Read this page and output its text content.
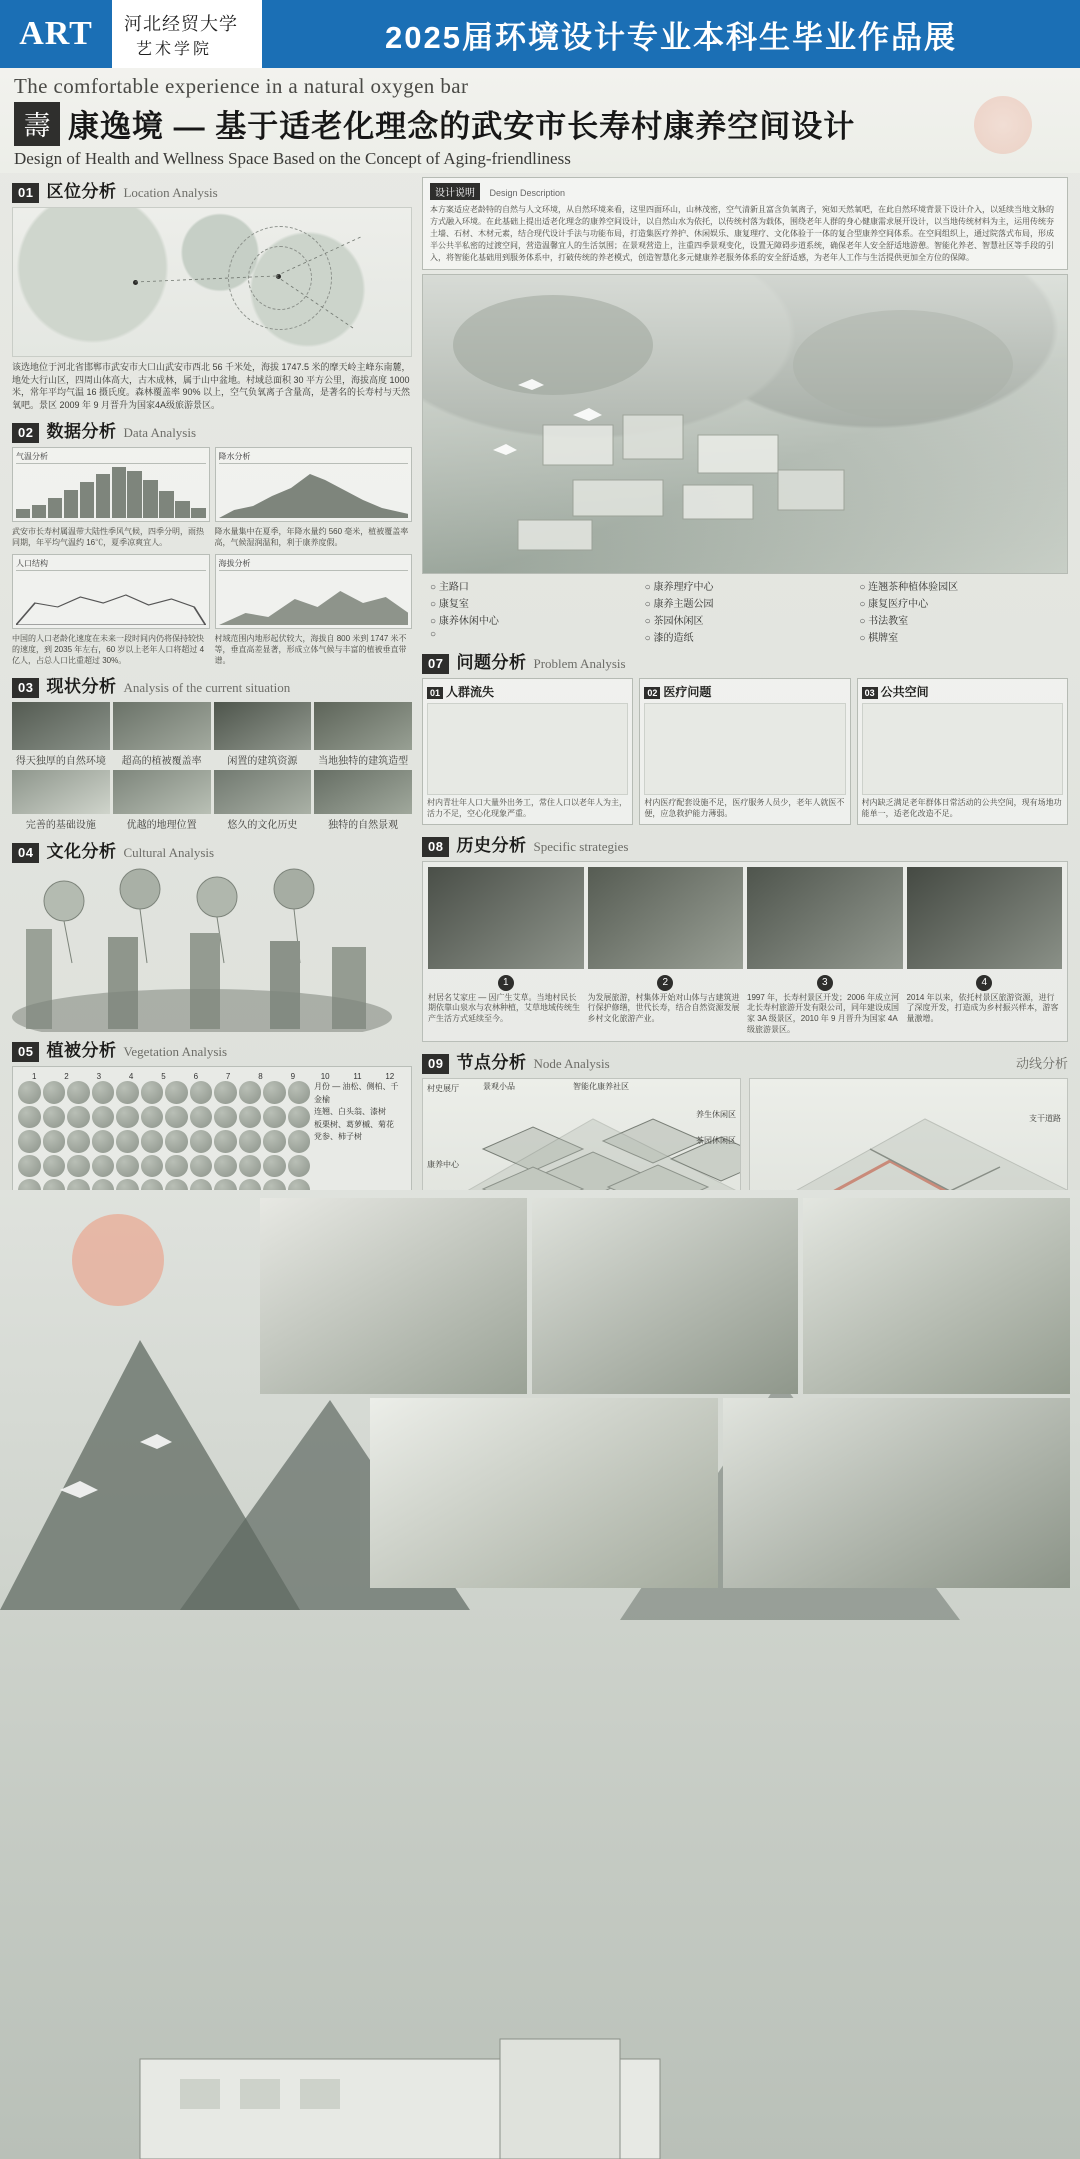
ART	河北经贸大学
艺术学院	2025届环境设计专业本科生毕业作品展
The comfortable experience in a natural oxygen bar
壽 康逸境 — 基于适老化理念的武安市长寿村康养空间设计
Design of Health and Wellness Space Based on the Concept of Aging-friendliness
01 区位分析 Location Analysis
该选地位于河北省邯郸市武安市大口山武安市西北 56 千米处，海拔 1747.5 米的摩天岭主峰东南麓，地处大行山区，四周山体高大，古木成林，属于山中盆地。村域总面积 30 平方公里，海拔高度 1000 米，常年平均气温 16 摄氏度。森林覆盖率 90% 以上，空气负氧离子含量高，是著名的长寿村与天然氧吧。景区 2009 年 9 月晋升为国家4A级旅游景区。
02 数据分析 Data Analysis
气温分析	降水分析
武安市长寿村属温带大陆性季风气候，四季分明，雨热同期，年平均气温约 16℃，夏季凉爽宜人。
降水量集中在夏季，年降水量约 560 毫米，植被覆盖率高，气候湿润温和，利于康养度假。
人口结构	海拔分析
中国的人口老龄化速度在未来一段时间内仍将保持较快的速度，到 2035 年左右，60 岁以上老年人口将超过 4 亿人，占总人口比重超过 30%。
村域范围内地形起伏较大，海拔自 800 米到 1747 米不等，垂直高差显著，形成立体气候与丰富的植被垂直带谱。
03 现状分析 Analysis of the current situation
得天独厚的自然环境	超高的植被覆盖率	闲置的建筑资源	当地独特的建筑造型
完善的基础设施	优越的地理位置	悠久的文化历史	独特的自然景观
04 文化分析 Cultural Analysis
05 植被分析 Vegetation Analysis
1	2	3	4	5	6	7	8	9	10	11	12
月份 — 油松、侧柏、千金榆
连翘、白头翁、漆树
板栗树、葛萝槭、菊花
党参、柿子树
设计说明 Design Description
本方案适应老龄特的自然与人文环境，从自然环境来看，这里四面环山，山林茂密，空气清新且富含负氧离子，宛如天然氧吧，在此自然环境背景下设计介入，以延续当地文脉的方式融入环境。在此基础上提出适老化理念的康养空间设计，以自然山水为依托，以传统村落为载体，围绕老年人群的身心健康需求展开设计，以当地传统材料为主，运用传统夯土墙、石材、木材元素，结合现代设计手法与功能布局，打造集医疗养护、休闲娱乐、康复理疗、文化体验于一体的复合型康养空间体系。在空间组织上，通过院落式布局，形成半公共半私密的过渡空间，营造温馨宜人的生活氛围；在景观营造上，注重四季景观变化，设置无障碍步道系统，确保老年人安全舒适地游憩。智能化养老、智慧社区等手段的引入，将智能化基础用到服务体系中，打破传统的养老模式，创造智慧化多元健康养老服务体系的安全舒适感，为老年人工作与生活提供更加全方位的保障。
○ 主路口	○ 康养理疗中心	○ 连翘茶种植体验园区
○ 康复室	○ 康养主题公园	○ 康复医疗中心
○ 康养休闲中心	○ 茶园休闲区	○ 书法教室
○
○ 漆的造纸	○ 棋牌室
07 问题分析 Problem Analysis
01 人群流失
村内青壮年人口大量外出务工，常住人口以老年人为主，活力不足，空心化现象严重。
02 医疗问题
村内医疗配套设施不足，医疗服务人员少，老年人就医不便，应急救护能力薄弱。
03 公共空间
村内缺乏满足老年群体日常活动的公共空间，现有场地功能单一，适老化改造不足。
08 历史分析 Specific strategies
1
村居名艾家庄 — 因广生艾草。当地村民长期依靠山泉水与农林种植，艾草地域传统生产生活方式延续至今。
2
为发展旅游，村集体开始对山体与古建筑进行保护修缮，世代长寿，结合自然资源发展乡村文化旅游产业。
3
1997 年，长寿村景区开发；2006 年成立河北长寿村旅游开发有限公司，同年建设成国家 3A 级景区，2010 年 9 月晋升为国家 4A 级旅游景区。
4
2014 年以来，依托村景区旅游资源，进行了深度开发，打造成为乡村振兴样本，游客量激增。
09 节点分析 Node Analysis	动线分析
村史展厅	景观小品	智能化康养社区
养生休闲区
茶园休闲区
康养中心
支干道路
